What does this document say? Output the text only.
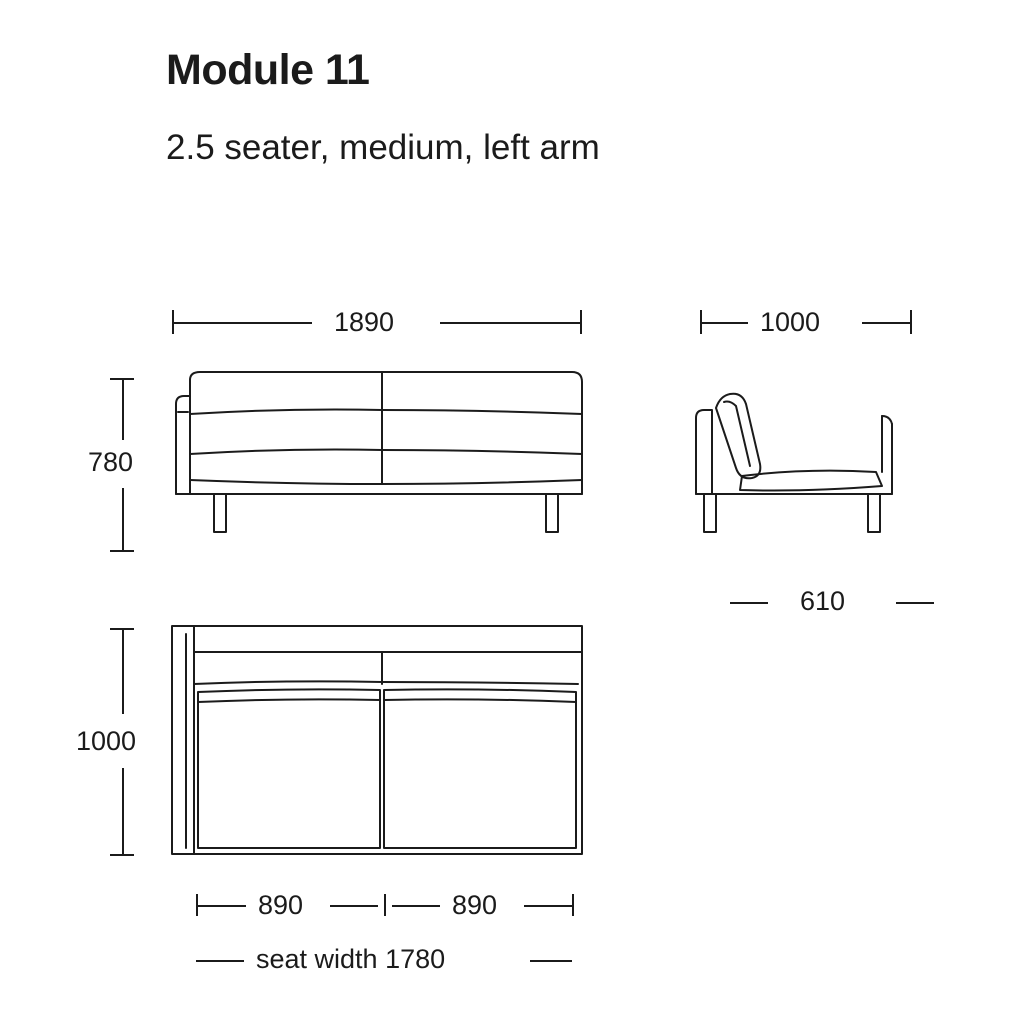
Module 11
2.5 seater, medium, left arm
1890
780
1000
610
1000
890	890
seat width 1780
